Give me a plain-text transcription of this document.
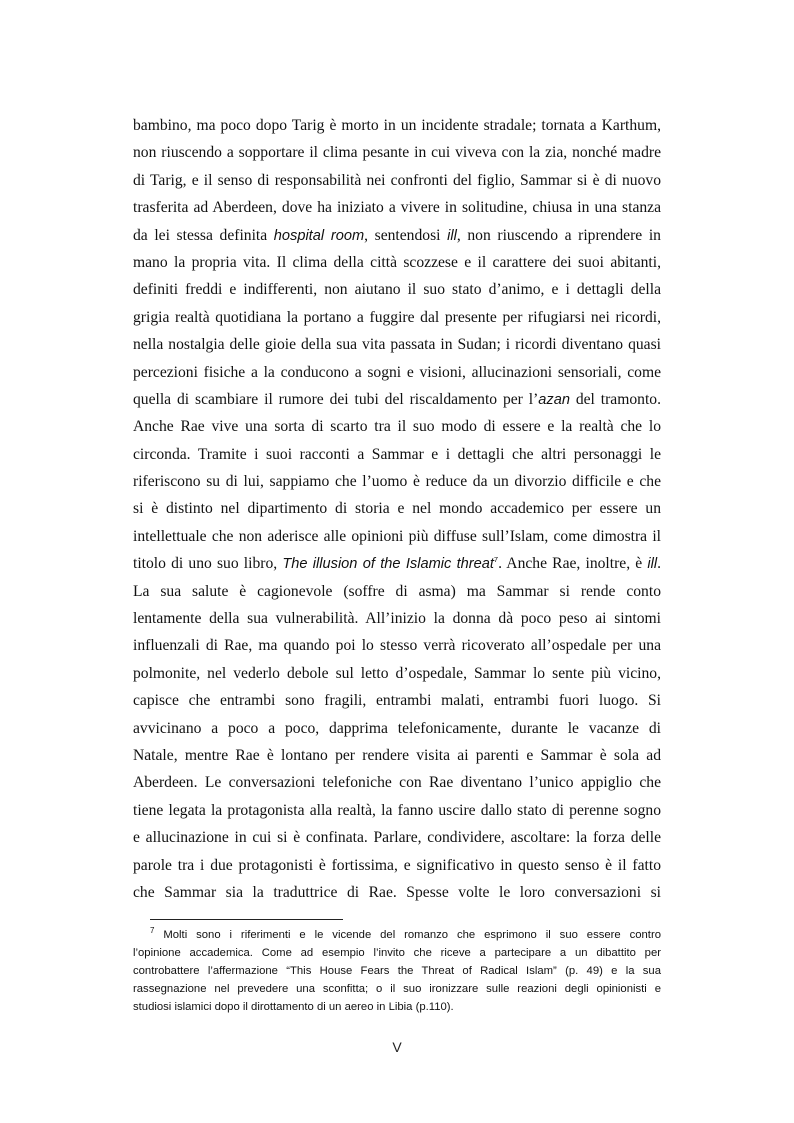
bambino, ma poco dopo Tarig è morto in un incidente stradale; tornata a Karthum,
non riuscendo a sopportare il clima pesante in cui viveva con la zia, nonché madre
di Tarig, e il senso di responsabilità nei confronti del figlio, Sammar si è di nuovo
trasferita ad Aberdeen, dove ha iniziato a vivere in solitudine, chiusa in una stanza
da lei stessa definita hospital room, sentendosi ill, non riuscendo a riprendere in
mano la propria vita. Il clima della città scozzese e il carattere dei suoi abitanti,
definiti freddi e indifferenti, non aiutano il suo stato d’animo, e i dettagli della
grigia realtà quotidiana la portano a fuggire dal presente per rifugiarsi nei ricordi,
nella nostalgia delle gioie della sua vita passata in Sudan; i ricordi diventano quasi
percezioni fisiche a la conducono a sogni e visioni, allucinazioni sensoriali, come
quella di scambiare il rumore dei tubi del riscaldamento per l’azan del tramonto.
Anche Rae vive una sorta di scarto tra il suo modo di essere e la realtà che lo
circonda. Tramite i suoi racconti a Sammar e i dettagli che altri personaggi le
riferiscono su di lui, sappiamo che l’uomo è reduce da un divorzio difficile e che
si è distinto nel dipartimento di storia e nel mondo accademico per essere un
intellettuale che non aderisce alle opinioni più diffuse sull’Islam, come dimostra il
titolo di uno suo libro, The illusion of the Islamic threat$^7$. Anche Rae, inoltre, è ill.
La sua salute è cagionevole (soffre di asma) ma Sammar si rende conto
lentamente della sua vulnerabilità. All’inizio la donna dà poco peso ai sintomi
influenzali di Rae, ma quando poi lo stesso verrà ricoverato all’ospedale per una
polmonite, nel vederlo debole sul letto d’ospedale, Sammar lo sente più vicino,
capisce che entrambi sono fragili, entrambi malati, entrambi fuori luogo. Si
avvicinano a poco a poco, dapprima telefonicamente, durante le vacanze di
Natale, mentre Rae è lontano per rendere visita ai parenti e Sammar è sola ad
Aberdeen. Le conversazioni telefoniche con Rae diventano l’unico appiglio che
tiene legata la protagonista alla realtà, la fanno uscire dallo stato di perenne sogno
e allucinazione in cui si è confinata. Parlare, condividere, ascoltare: la forza delle
parole tra i due protagonisti è fortissima, e significativo in questo senso è il fatto
che Sammar sia la traduttrice di Rae. Spesse volte le loro conversazioni si
$^7$ Molti sono i riferimenti e le vicende del romanzo che esprimono il suo essere contro
l’opinione accademica. Come ad esempio l’invito che riceve a partecipare a un dibattito per
controbattere l’affermazione “This House Fears the Threat of Radical Islam” (p. 49) e la sua
rassegnazione nel prevedere una sconfitta; o il suo ironizzare sulle reazioni degli opinionisti e
studiosi islamici dopo il dirottamento di un aereo in Libia (p.110).
V
